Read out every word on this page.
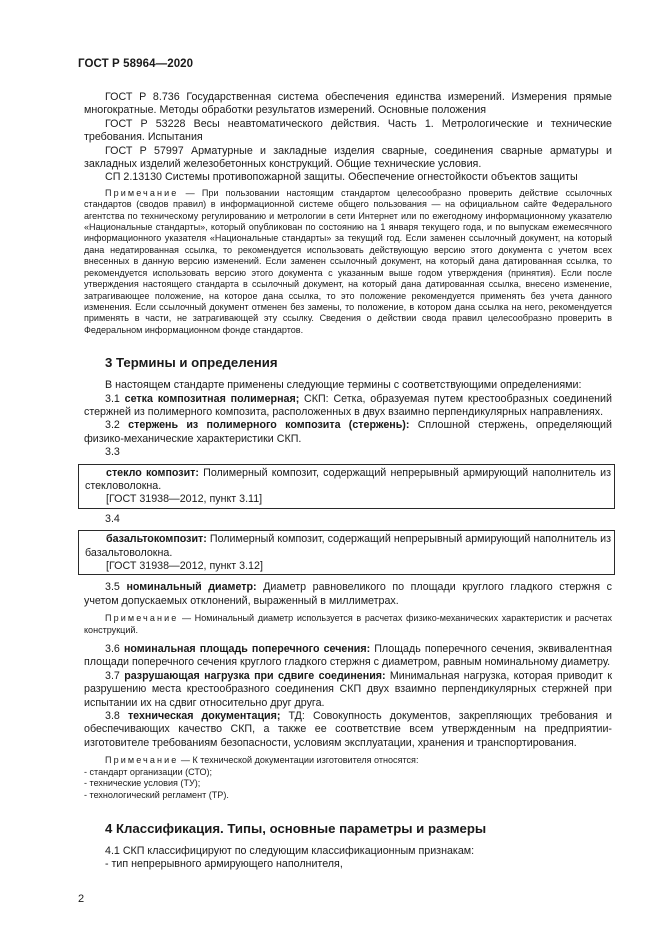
ГОСТ Р 58964—2020

ГОСТ Р 8.736 Государственная система обеспечения единства измерений. Измерения прямые многократные. Методы обработки результатов измерений. Основные положения

ГОСТ Р 53228 Весы неавтоматического действия. Часть 1. Метрологические и технические требования. Испытания

ГОСТ Р 57997 Арматурные и закладные изделия сварные, соединения сварные арматуры и закладных изделий железобетонных конструкций. Общие технические условия.

СП 2.13130 Системы противопожарной защиты. Обеспечение огнестойкости объектов защиты

Примечание — При пользовании настоящим стандартом целесообразно проверить действие ссылочных стандартов (сводов правил) в информационной системе общего пользования — на официальном сайте Федерального агентства по техническому регулированию и метрологии в сети Интернет или по ежегодному информационному указателю «Национальные стандарты», который опубликован по состоянию на 1 января текущего года, и по выпускам ежемесячного информационного указателя «Национальные стандарты» за текущий год. Если заменен ссылочный документ, на который дана недатированная ссылка, то рекомендуется использовать действующую версию этого документа с учетом всех внесенных в данную версию изменений. Если заменен ссылочный документ, на который дана датированная ссылка, то рекомендуется использовать версию этого документа с указанным выше годом утверждения (принятия). Если после утверждения настоящего стандарта в ссылочный документ, на который дана датированная ссылка, внесено изменение, затрагивающее положение, на которое дана ссылка, то это положение рекомендуется применять без учета данного изменения. Если ссылочный документ отменен без замены, то положение, в котором дана ссылка на него, рекомендуется применять в части, не затрагивающей эту ссылку. Сведения о действии свода правил целесообразно проверить в Федеральном информационном фонде стандартов.

3 Термины и определения

В настоящем стандарте применены следующие термины с соответствующими определениями:

3.1 сетка композитная полимерная; СКП: Сетка, образуемая путем крестообразных соединений стержней из полимерного композита, расположенных в двух взаимно перпендикулярных направлениях.

3.2 стержень из полимерного композита (стержень): Сплошной стержень, определяющий физико-механические характеристики СКП.

3.3

стекло композит: Полимерный композит, содержащий непрерывный армирующий наполнитель из стекловолокна.

[ГОСТ 31938—2012, пункт 3.11]

3.4

базальтокомпозит: Полимерный композит, содержащий непрерывный армирующий наполнитель из базальтоволокна.

[ГОСТ 31938—2012, пункт 3.12]

3.5 номинальный диаметр: Диаметр равновеликого по площади круглого гладкого стержня с учетом допускаемых отклонений, выраженный в миллиметрах.

Примечание — Номинальный диаметр используется в расчетах физико-механических характеристик и расчетах конструкций.

3.6 номинальная площадь поперечного сечения: Площадь поперечного сечения, эквивалентная площади поперечного сечения круглого гладкого стержня с диаметром, равным номинальному диаметру.

3.7 разрушающая нагрузка при сдвиге соединения: Минимальная нагрузка, которая приводит к разрушению места крестообразного соединения СКП двух взаимно перпендикулярных стержней при испытании их на сдвиг относительно друг друга.

3.8 техническая документация; ТД: Совокупность документов, закрепляющих требования и обеспечивающих качество СКП, а также ее соответствие всем утвержденным на предприятии-изготовителе требованиям безопасности, условиям эксплуатации, хранения и транспортирования.

Примечание — К технической документации изготовителя относятся:

- стандарт организации (СТО);

- технические условия (ТУ);

- технологический регламент (ТР).

4 Классификация. Типы, основные параметры и размеры

4.1 СКП классифицируют по следующим классификационным признакам:

- тип непрерывного армирующего наполнителя,

2
